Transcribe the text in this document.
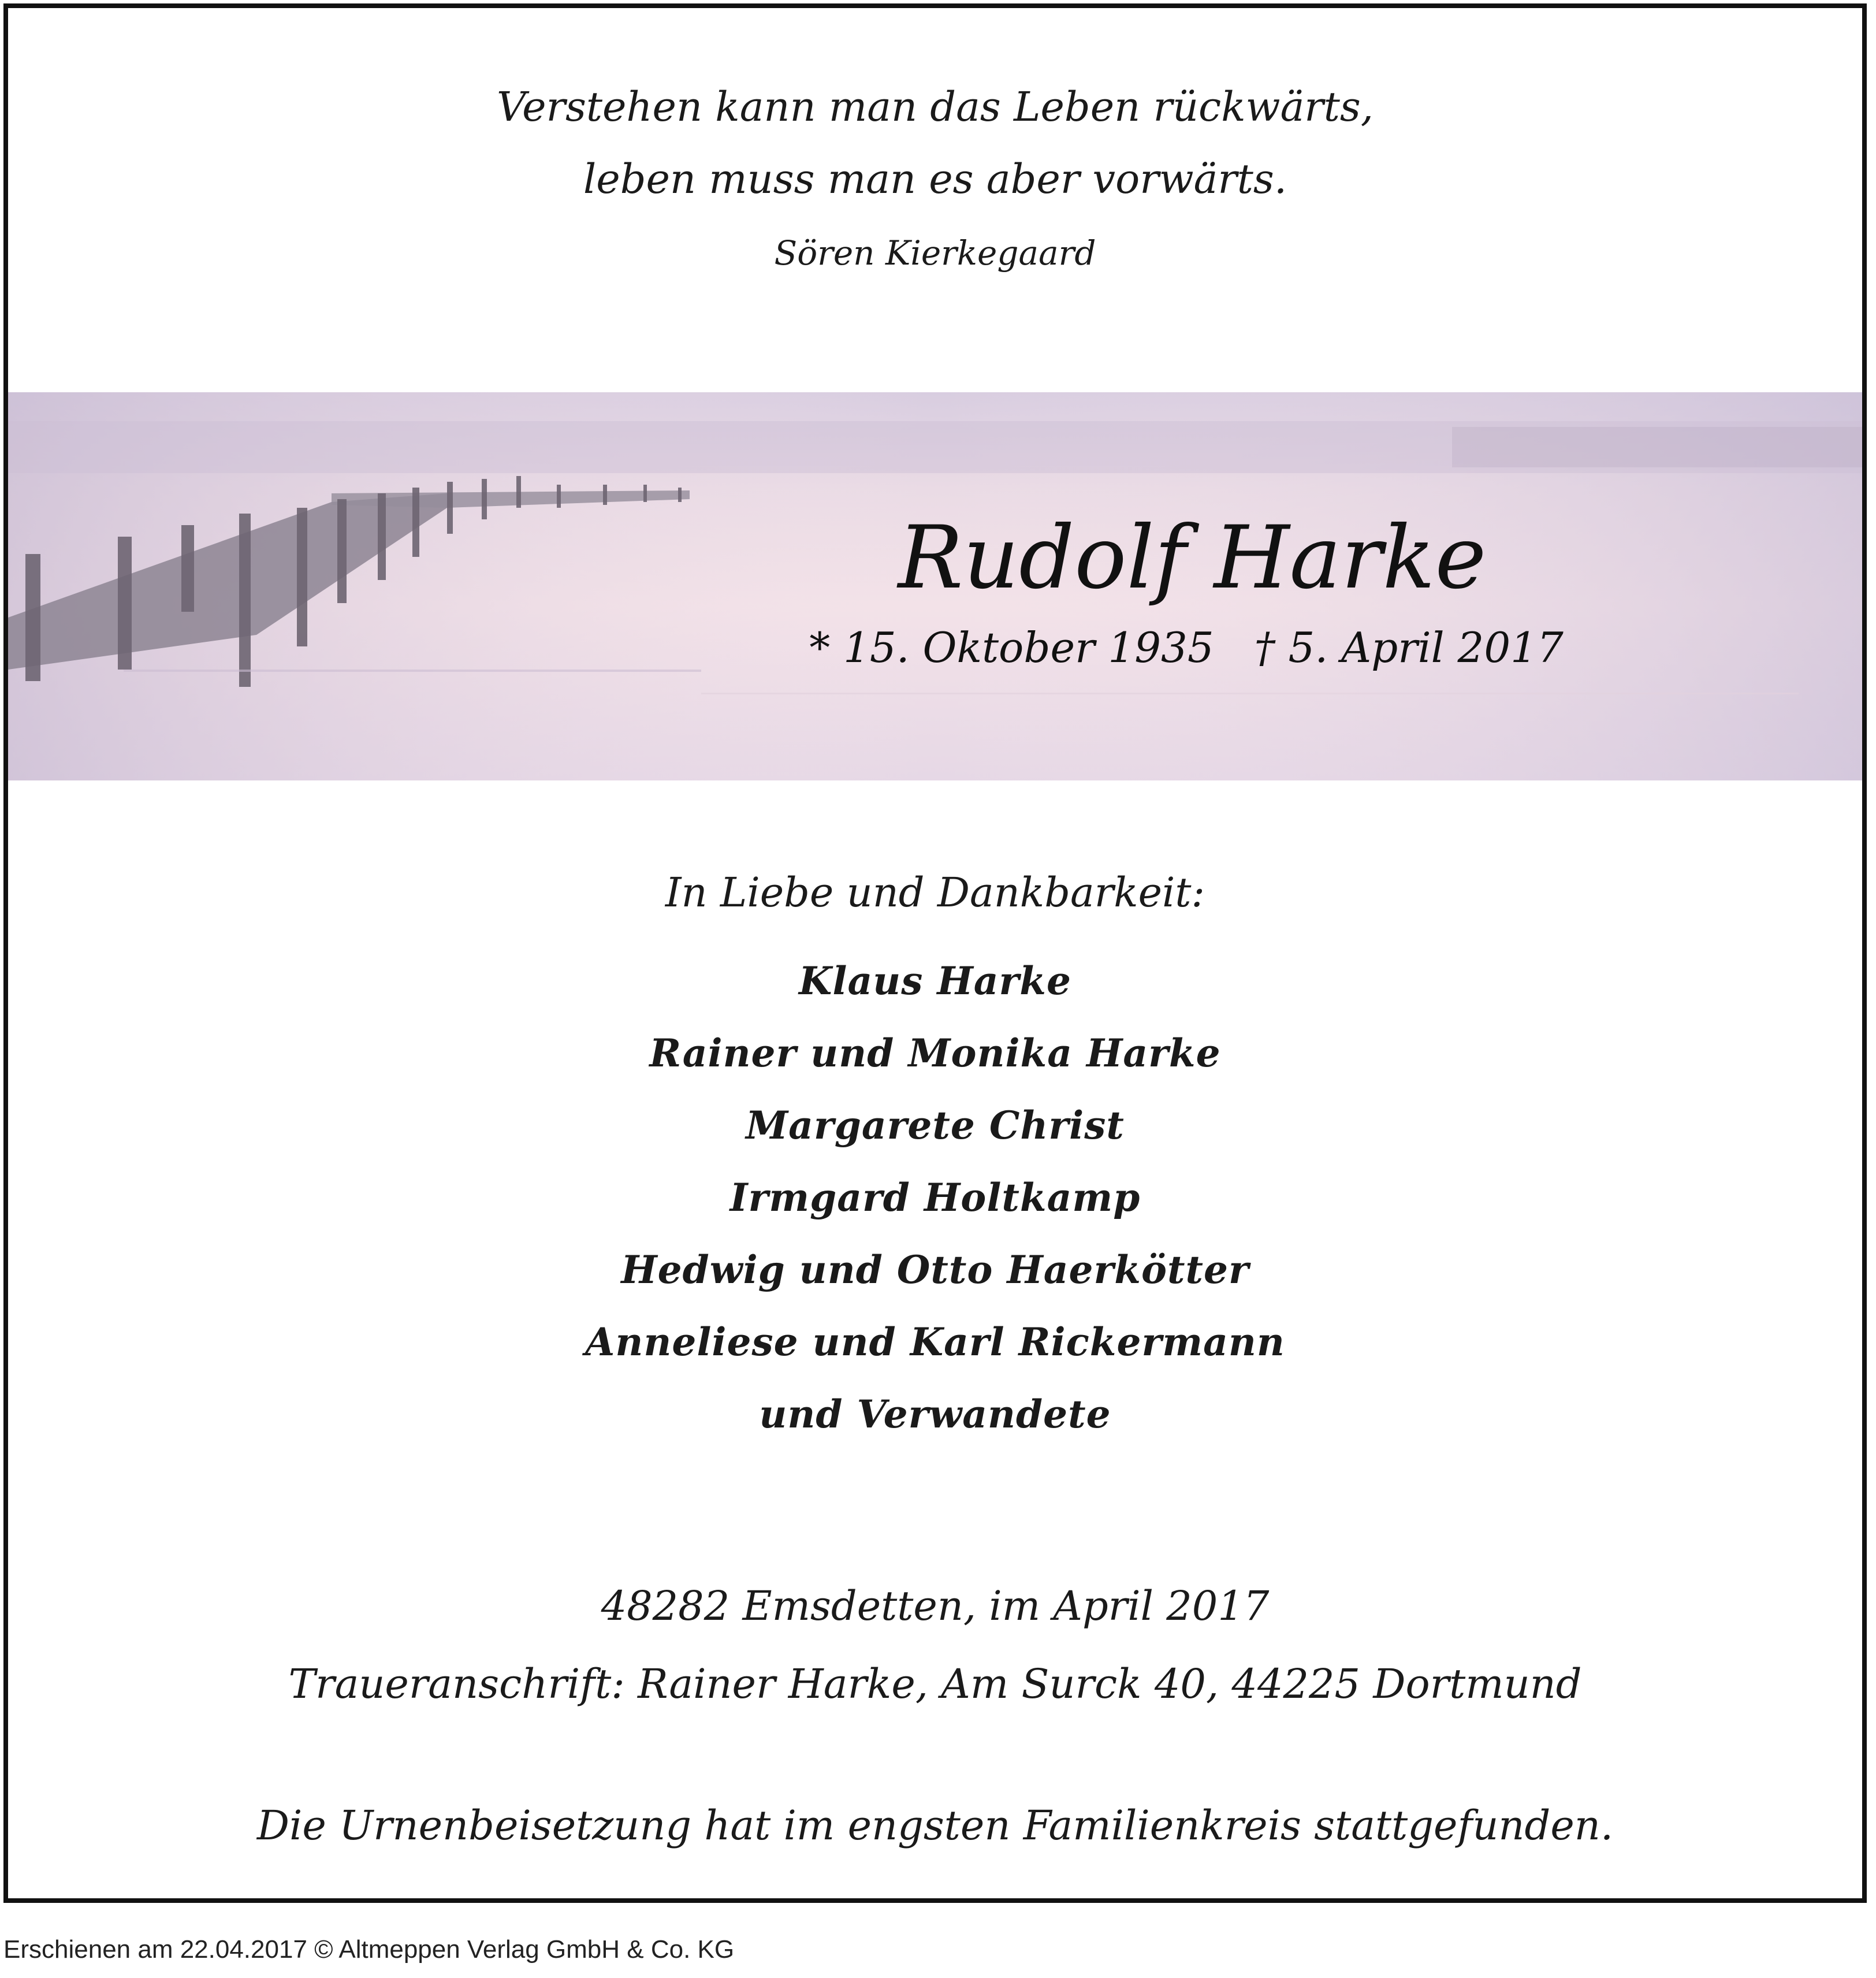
Verstehen kann man das Leben rückwärts,
leben muss man es aber vorwärts.
Sören Kierkegaard
Rudolf Harke
* 15. Oktober 1935 † 5. April 2017
In Liebe und Dankbarkeit:
Klaus Harke
Rainer und Monika Harke
Margarete Christ
Irmgard Holtkamp
Hedwig und Otto Haerkötter
Anneliese und Karl Rickermann
und Verwandete
48282 Emsdetten, im April 2017
Traueranschrift: Rainer Harke, Am Surck 40, 44225 Dortmund
Die Urnenbeisetzung hat im engsten Familienkreis stattgefunden.
Erschienen am 22.04.2017 © Altmeppen Verlag GmbH & Co. KG
